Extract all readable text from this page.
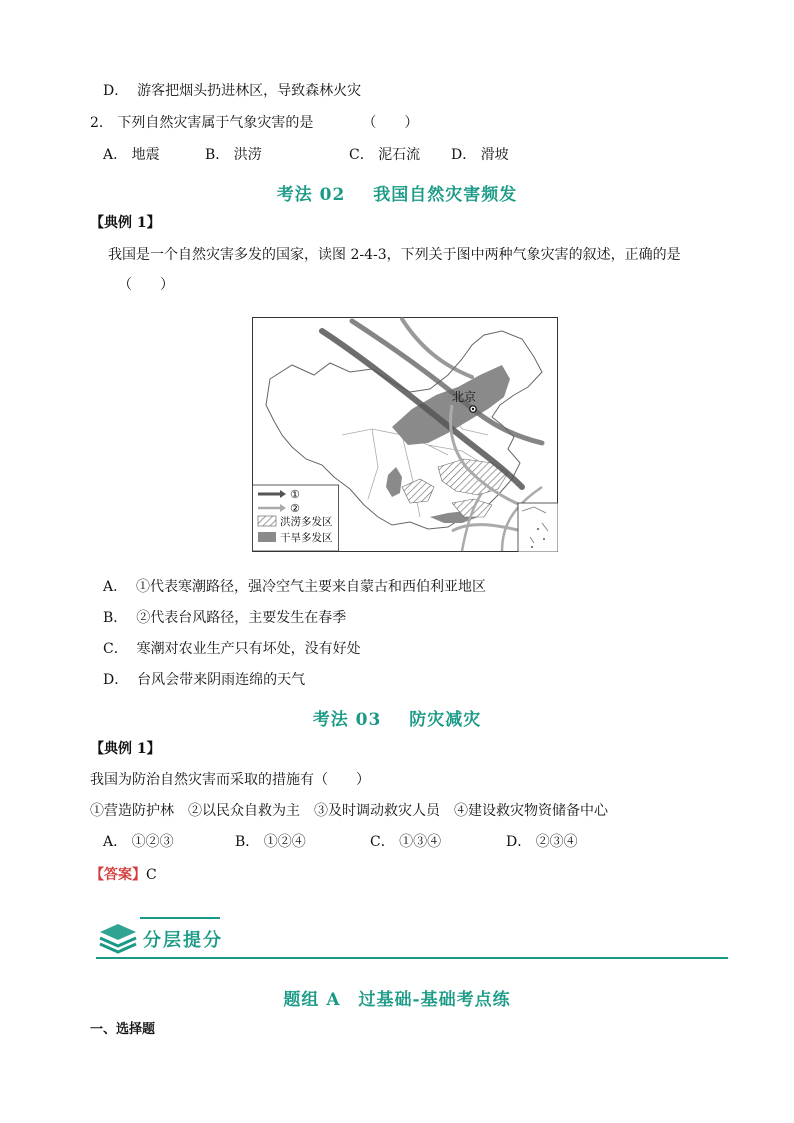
D． 游客把烟头扔进林区，导致森林火灾
2． 下列自然灾害属于气象灾害的是　　　　（　　）
A． 地震	B． 洪涝	C． 泥石流 D． 滑坡
考法 02 我国自然灾害频发
【典例 1】
我国是一个自然灾害多发的国家，读图 2-4-3，下列关于图中两种气象灾害的叙述，正确的是
（　　）
北京
①
②
洪涝多发区
干旱多发区
A． ①代表寒潮路径，强冷空气主要来自蒙古和西伯利亚地区
B． ②代表台风路径，主要发生在春季
C． 寒潮对农业生产只有坏处，没有好处
D． 台风会带来阴雨连绵的天气
考法 03 防灾减灾
【典例 1】
我国为防治自然灾害而采取的措施有（　　）
①营造防护林　②以民众自救为主　③及时调动救灾人员　④建设救灾物资储备中心
A． ①②③	B． ①②④	C． ①③④	D． ②③④
【答案】C
分层提分
题组 A　过基础-基础考点练
一、选择题
